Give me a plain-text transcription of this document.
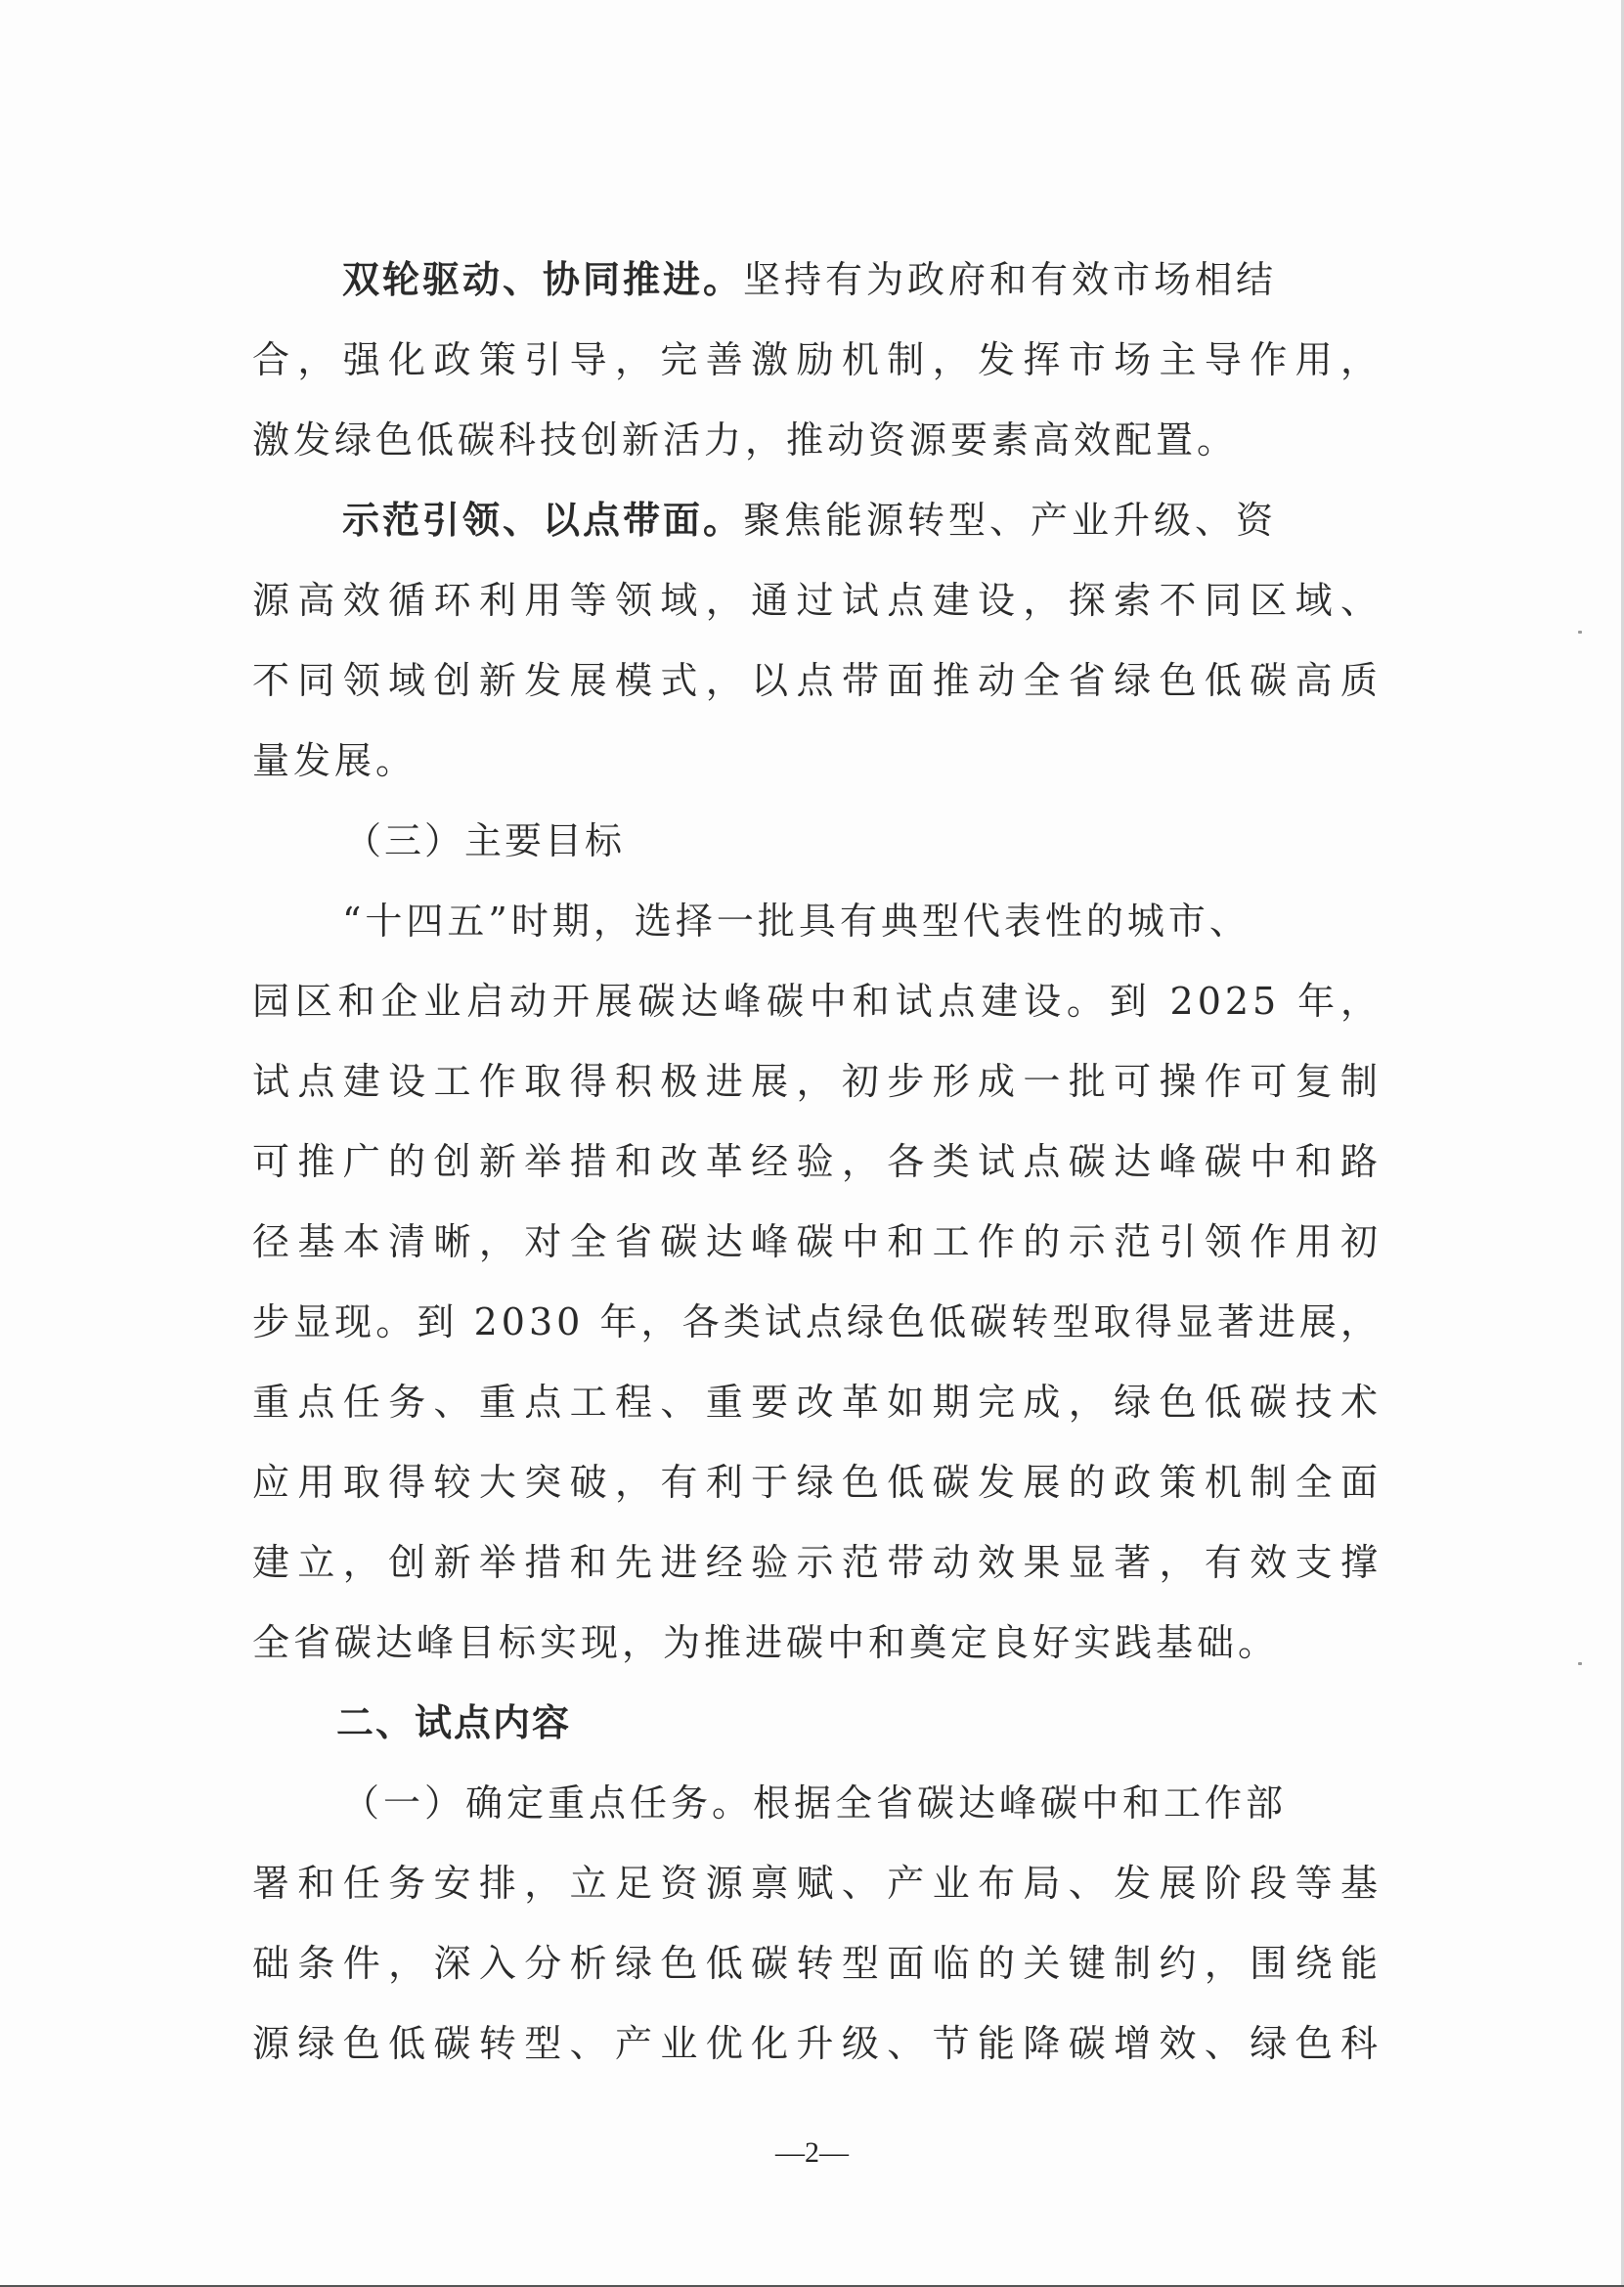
双轮驱动、协同推进。坚持有为政府和有效市场相结
合，强化政策引导，完善激励机制，发挥市场主导作用，
激发绿色低碳科技创新活力，推动资源要素高效配置。
示范引领、以点带面。聚焦能源转型、产业升级、资
源高效循环利用等领域，通过试点建设，探索不同区域、
不同领域创新发展模式，以点带面推动全省绿色低碳高质
量发展。
（三）主要目标
“十四五”时期，选择一批具有典型代表性的城市、
园区和企业启动开展碳达峰碳中和试点建设。到 2025 年，
试点建设工作取得积极进展，初步形成一批可操作可复制
可推广的创新举措和改革经验，各类试点碳达峰碳中和路
径基本清晰，对全省碳达峰碳中和工作的示范引领作用初
步显现。到 2030 年，各类试点绿色低碳转型取得显著进展，
重点任务、重点工程、重要改革如期完成，绿色低碳技术
应用取得较大突破，有利于绿色低碳发展的政策机制全面
建立，创新举措和先进经验示范带动效果显著，有效支撑
全省碳达峰目标实现，为推进碳中和奠定良好实践基础。
二、试点内容
（一）确定重点任务。根据全省碳达峰碳中和工作部
署和任务安排，立足资源禀赋、产业布局、发展阶段等基
础条件，深入分析绿色低碳转型面临的关键制约，围绕能
源绿色低碳转型、产业优化升级、节能降碳增效、绿色科
—2—
